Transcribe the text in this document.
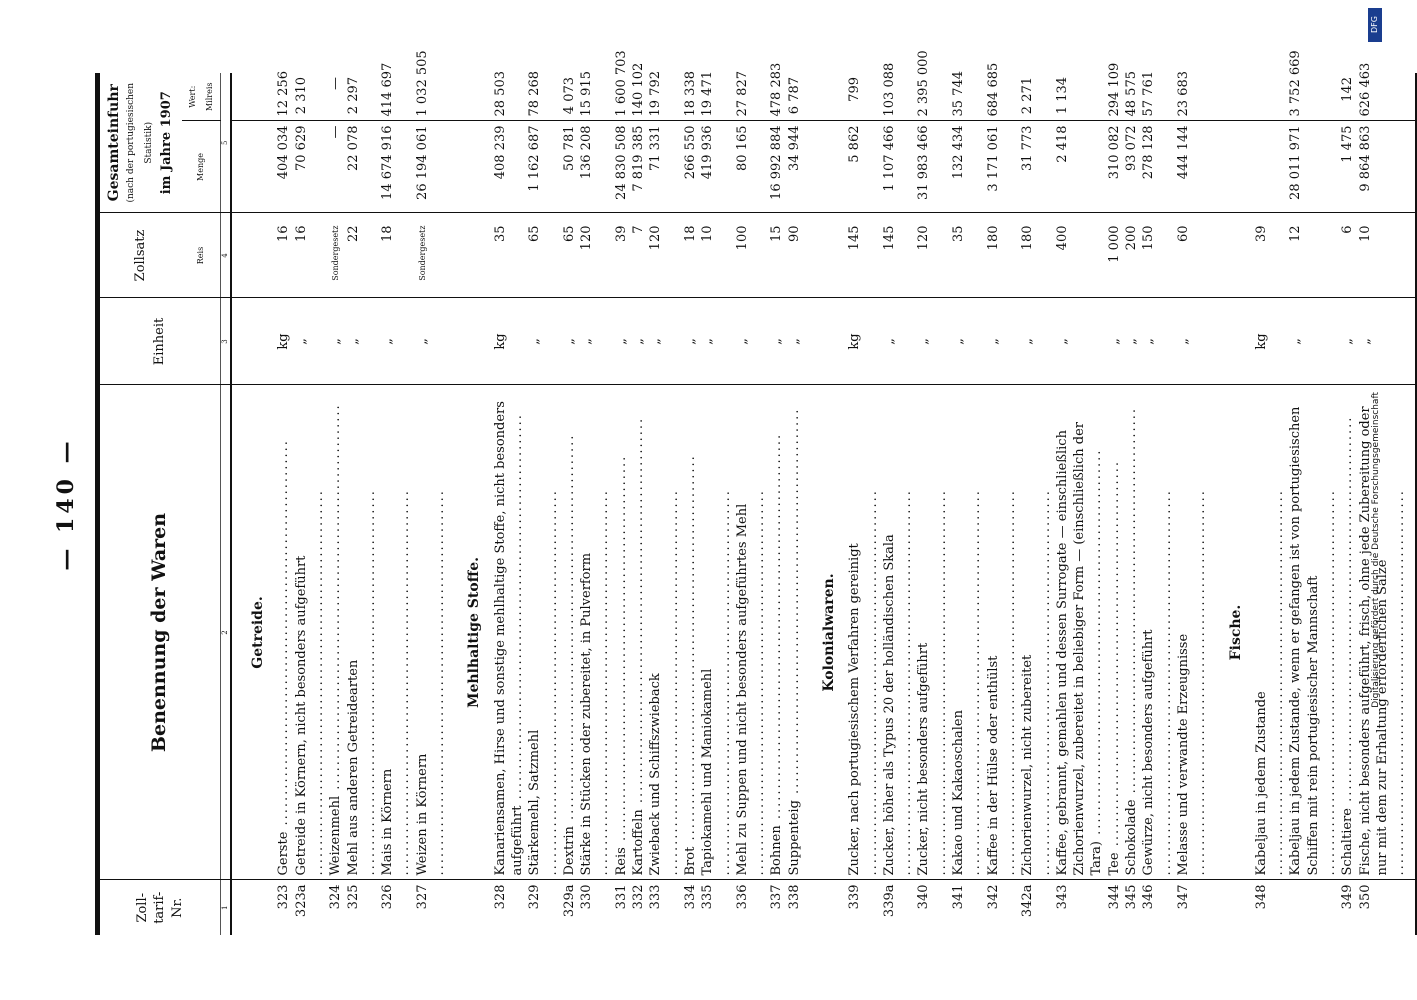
— 140 —
Zoll-tarif-Nr.	Benennung der Waren	Einheit	Zollsatz	Gesamteinfuhr (nach der portugiesischen Statistik) im Jahre 1907	

			Reis	Menge	Wert: Milreis
1	2	3	4	5	
	Getreide.				
323	Gerste .....	kg	16	404 034	12 256
323a	Getreide in Körnern, nicht besonders aufgeführt .....	„	16	70 629	2 310
324	Weizenmehl .....	„	Sondergesetz	—	—
325	Mehl aus anderen Getreidearten .....	„	22	22 078	2 297
326	Mais in Körnern .....	„	18	14 674 916	414 697
327	Weizen in Körnern .....	„	Sondergesetz	26 194 061	1 032 505
	Mehlhaltige Stoffe.				
328	Kanariensamen, Hirse und sonstige mehlhaltige Stoffe, nicht besonders aufgeführt .....	kg	35	408 239	28 503
329	Stärkemehl, Satzmehl .....	„	65	1 162 687	78 268
329a	Dextrin .....	„	65	50 781	4 073
330	Stärke in Stücken oder zubereitet, in Pulverform .....	„	120	136 208	15 915
331	Reis .....	„	39	24 830 508	1 600 703
332	Kartoffeln .....	„	7	7 819 385	140 102
333	Zwieback und Schiffszwieback .....	„	120	71 331	19 792
334	Brot .....	„	18	266 550	18 338
335	Tapiokamehl und Maniokamehl .....	„	10	419 936	19 471
336	Mehl zu Suppen und nicht besonders aufgeführtes Mehl .....	„	100	80 165	27 827
337	Bohnen .....	„	15	16 992 884	478 283
338	Suppenteig .....	„	90	34 944	6 787
	Kolonialwaren.				
339	Zucker, nach portugiesischem Verfahren gereinigt .....	kg	145	5 862	799
339a	Zucker, höher als Typus 20 der holländischen Skala .....	„	145	1 107 466	103 088
340	Zucker, nicht besonders aufgeführt .....	„	120	31 983 466	2 395 000
341	Kakao und Kakaoschalen .....	„	35	132 434	35 744
342	Kaffee in der Hülse oder enthülst .....	„	180	3 171 061	684 685
342a	Zichorienwurzel, nicht zubereitet .....	„	180	31 773	2 271
343	Kaffee, gebrannt, gemahlen und dessen Surrogate — einschließlich Zichorienwurzel, zubereitet in beliebiger Form — (einschließlich der Tara) .....	„	400	2 418	1 134
344	Tee .....	„	1 000	310 082	294 109
345	Schokolade .....	„	200	93 072	48 575
346	Gewürze, nicht besonders aufgeführt .....	„	150	278 128	57 761
347	Melasse und verwandte Erzeugnisse .....	„	60	444 144	23 683
	Fische.				
348	Kabeljau in jedem Zustande .....	kg	39		
	Kabeljau in jedem Zustande, wenn er gefangen ist von portugiesischen Schiffen mit rein portugiesischer Mannschaft .....	„	12	28 011 971	3 752 669
349	Schaltiere .....	„	6	1 475	142
350	Fische, nicht besonders aufgeführt, frisch, ohne jede Zubereitung oder nur mit dem zur Erhaltung erforderlichen Salze .....	„	10	9 864 863	626 463
DFG
Digitalisierung gefördert durch die Deutsche Forschungsgemeinschaft
